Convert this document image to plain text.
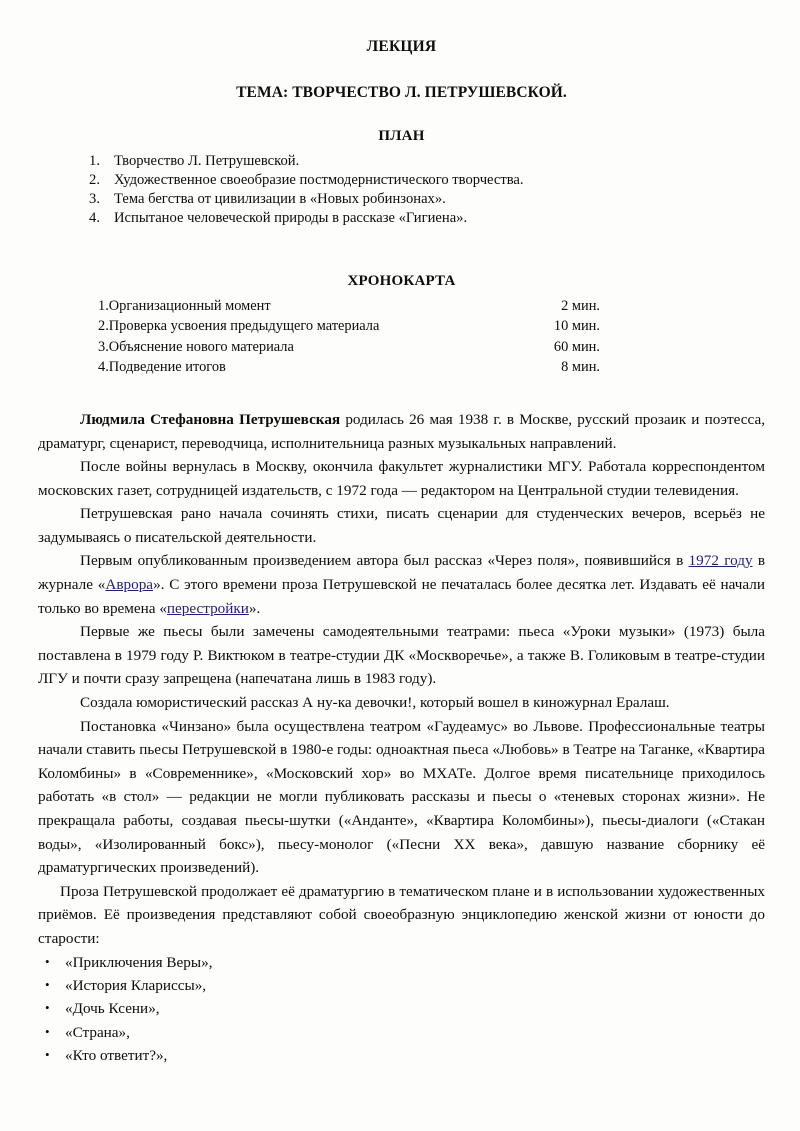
ЛЕКЦИЯ
ТЕМА: ТВОРЧЕСТВО Л. ПЕТРУШЕВСКОЙ.
ПЛАН
1. Творчество Л. Петрушевской.
2. Художественное своеобразие постмодернистического творчества.
3. Тема бегства от цивилизации в «Новых робинзонах».
4. Испытаное человеческой природы в рассказе «Гигиена».
ХРОНОКАРТА
1.Организационный момент	2 мин.
2.Проверка усвоения предыдущего материала	10 мин.
3.Объяснение нового материала	60 мин.
4.Подведение итогов	8 мин.

Людмила Стефановна Петрушевская родилась 26 мая 1938 г. в Москве, русский прозаик и поэтесса, драматург, сценарист, переводчица, исполнительница разных музыкальных направлений.

После войны вернулась в Москву, окончила факультет журналистики МГУ. Работала корреспондентом московских газет, сотрудницей издательств, с 1972 года — редактором на Центральной студии телевидения.

Петрушевская рано начала сочинять стихи, писать сценарии для студенческих вечеров, всерьёз не задумываясь о писательской деятельности.

Первым опубликованным произведением автора был рассказ «Через поля», появившийся в 1972 году в журнале «Аврора». С этого времени проза Петрушевской не печаталась более десятка лет. Издавать её начали только во времена «перестройки».

Первые же пьесы были замечены самодеятельными театрами: пьеса «Уроки музыки» (1973) была поставлена в 1979 году Р. Виктюком в театре-студии ДК «Москворечье», а также В. Голиковым в театре-студии ЛГУ и почти сразу запрещена (напечатана лишь в 1983 году).

Создала юмористический рассказ А ну-ка девочки!, который вошел в киножурнал Ералаш.

Постановка «Чинзано» была осуществлена театром «Гаудеамус» во Львове. Профессиональные театры начали ставить пьесы Петрушевской в 1980-е годы: одноактная пьеса «Любовь» в Театре на Таганке, «Квартира Коломбины» в «Современнике», «Московский хор» во МХАТе. Долгое время писательнице приходилось работать «в стол» — редакции не могли публиковать рассказы и пьесы о «теневых сторонах жизни». Не прекращала работы, создавая пьесы-шутки («Анданте», «Квартира Коломбины»), пьесы-диалоги («Стакан воды», «Изолированный бокс»), пьесу-монолог («Песни XX века», давшую название сборнику её драматургических произведений).

Проза Петрушевской продолжает её драматургию в тематическом плане и в использовании художественных приёмов. Её произведения представляют собой своеобразную энциклопедию женской жизни от юности до старости:

• «Приключения Веры»,
• «История Клариссы»,
• «Дочь Ксени»,
• «Страна»,
• «Кто ответит?»,
